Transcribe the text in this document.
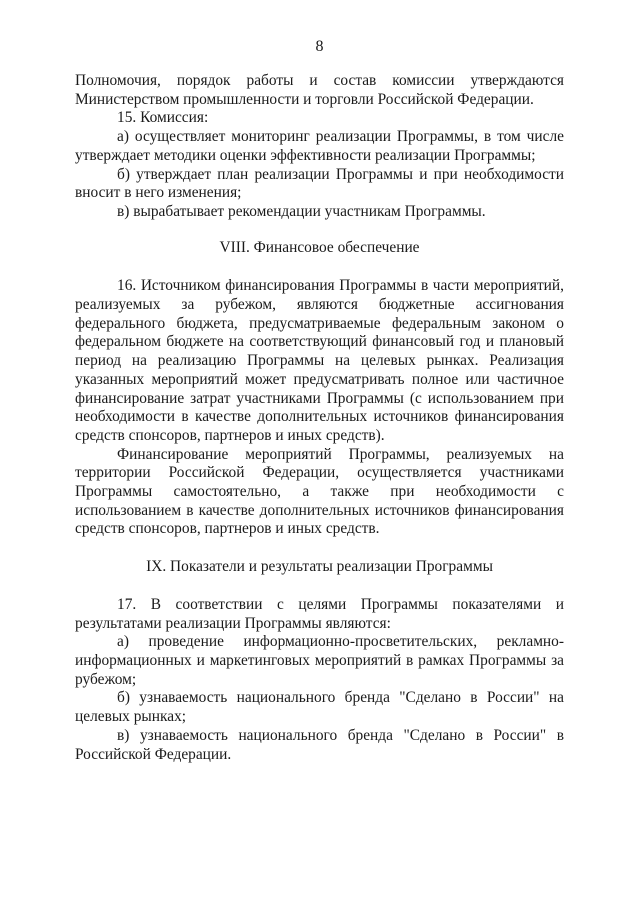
8

Полномочия, порядок работы и состав комиссии утверждаются Министерством промышленности и торговли Российской Федерации.

15. Комиссия:

а) осуществляет мониторинг реализации Программы, в том числе утверждает методики оценки эффективности реализации Программы;

б) утверждает план реализации Программы и при необходимости вносит в него изменения;

в) вырабатывает рекомендации участникам Программы.

VIII. Финансовое обеспечение

16. Источником финансирования Программы в части мероприятий, реализуемых за рубежом, являются бюджетные ассигнования федерального бюджета, предусматриваемые федеральным законом о федеральном бюджете на соответствующий финансовый год и плановый период на реализацию Программы на целевых рынках. Реализация указанных мероприятий может предусматривать полное или частичное финансирование затрат участниками Программы (с использованием при необходимости в качестве дополнительных источников финансирования средств спонсоров, партнеров и иных средств).

Финансирование мероприятий Программы, реализуемых на территории Российской Федерации, осуществляется участниками Программы самостоятельно, а также при необходимости с использованием в качестве дополнительных источников финансирования средств спонсоров, партнеров и иных средств.

IX. Показатели и результаты реализации Программы

17. В соответствии с целями Программы показателями и результатами реализации Программы являются:

а) проведение информационно-просветительских, рекламно-информационных и маркетинговых мероприятий в рамках Программы за рубежом;

б) узнаваемость национального бренда "Сделано в России" на целевых рынках;

в) узнаваемость национального бренда "Сделано в России" в Российской Федерации.
